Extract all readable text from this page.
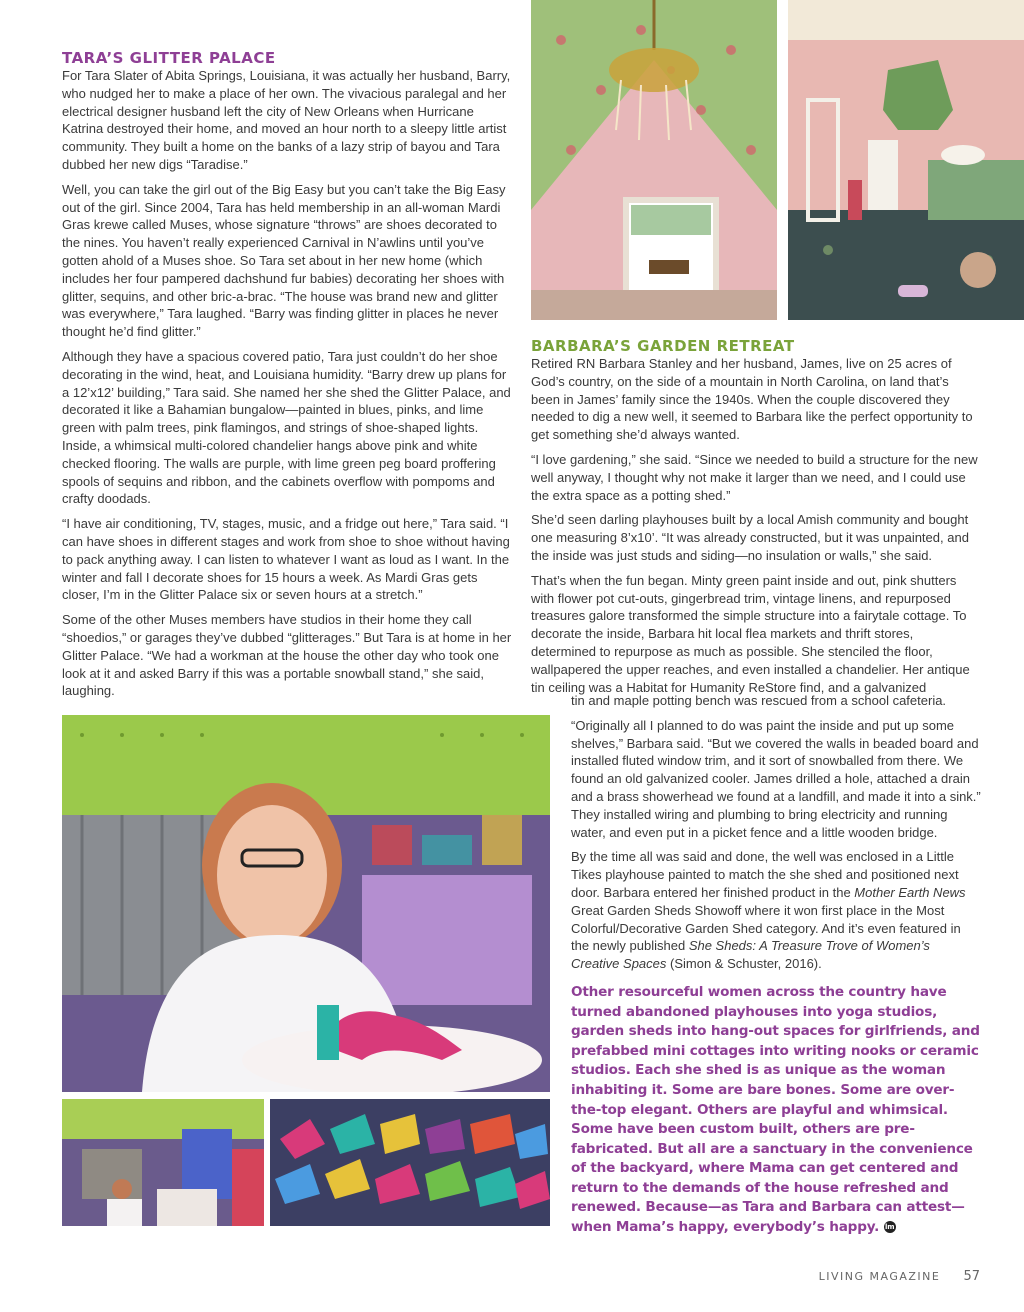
TARA’S GLITTER PALACE

For Tara Slater of Abita Springs, Louisiana, it was actually her husband, Barry, who nudged her to make a place of her own. The vivacious paralegal and her electrical designer husband left the city of New Orleans when Hurricane Katrina destroyed their home, and moved an hour north to a sleepy little artist community. They built a home on the banks of a lazy strip of bayou and Tara dubbed her new digs “Taradise.”

Well, you can take the girl out of the Big Easy but you can’t take the Big Easy out of the girl. Since 2004, Tara has held membership in an all-woman Mardi Gras krewe called Muses, whose signature “throws” are shoes decorated to the nines. You haven’t really experienced Carnival in N’awlins until you’ve gotten ahold of a Muses shoe. So Tara set about in her new home (which includes her four pampered dachshund fur babies) decorating her shoes with glitter, sequins, and other bric-a-brac. “The house was brand new and glitter was everywhere,” Tara laughed. “Barry was finding glitter in places he never thought he’d find glitter.”

Although they have a spacious covered patio, Tara just couldn’t do her shoe decorating in the wind, heat, and Louisiana humidity. “Barry drew up plans for a 12’x12’ building,” Tara said. She named her she shed the Glitter Palace, and decorated it like a Bahamian bungalow—painted in blues, pinks, and lime green with palm trees, pink flamingos, and strings of shoe-shaped lights. Inside, a whimsical multi-colored chandelier hangs above pink and white checked flooring. The walls are purple, with lime green peg board proffering spools of sequins and ribbon, and the cabinets overflow with pompoms and crafty doodads.

“I have air conditioning, TV, stages, music, and a fridge out here,” Tara said. “I can have shoes in different stages and work from shoe to shoe without having to pack anything away. I can listen to whatever I want as loud as I want. In the winter and fall I decorate shoes for 15 hours a week. As Mardi Gras gets closer, I’m in the Glitter Palace six or seven hours at a stretch.”

Some of the other Muses members have studios in their home they call “shoedios,” or garages they’ve dubbed “glitterages.” But Tara is at home in her Glitter Palace. “We had a workman at the house the other day who took one look at it and asked Barry if this was a portable snowball stand,” she said, laughing.

BARBARA’S GARDEN RETREAT

Retired RN Barbara Stanley and her husband, James, live on 25 acres of God’s country, on the side of a mountain in North Carolina, on land that’s been in James’ family since the 1940s. When the couple discovered they needed to dig a new well, it seemed to Barbara like the perfect opportunity to get something she’d always wanted.

“I love gardening,” she said. “Since we needed to build a structure for the new well anyway, I thought why not make it larger than we need, and I could use the extra space as a potting shed.”

She’d seen darling playhouses built by a local Amish community and bought one measuring 8’x10’. “It was already constructed, but it was unpainted, and the inside was just studs and siding—no insulation or walls,” she said.

That’s when the fun began. Minty green paint inside and out, pink shutters with flower pot cut-outs, gingerbread trim, vintage linens, and repurposed treasures galore transformed the simple structure into a fairytale cottage. To decorate the inside, Barbara hit local flea markets and thrift stores, determined to repurpose as much as possible. She stenciled the floor, wallpapered the upper reaches, and even installed a chandelier. Her antique tin ceiling was a Habitat for Humanity ReStore find, and a galvanized

tin and maple potting bench was rescued from a school cafeteria.

“Originally all I planned to do was paint the inside and put up some shelves,” Barbara said. “But we covered the walls in beaded board and installed fluted window trim, and it sort of snowballed from there. We found an old galvanized cooler. James drilled a hole, attached a drain and a brass showerhead we found at a landfill, and made it into a sink.” They installed wiring and plumbing to bring electricity and running water, and even put in a picket fence and a little wooden bridge.

By the time all was said and done, the well was enclosed in a Little Tikes playhouse painted to match the she shed and positioned next door. Barbara entered her finished product in the Mother Earth News Great Garden Sheds Showoff where it won first place in the Most Colorful/Decorative Garden Shed category. And it’s even featured in the newly published She Sheds: A Treasure Trove of Women’s Creative Spaces (Simon & Schuster, 2016).

Other resourceful women across the country have turned abandoned playhouses into yoga studios, garden sheds into hang-out spaces for girlfriends, and prefabbed mini cottages into writing nooks or ceramic studios. Each she shed is as unique as the woman inhabiting it. Some are bare bones. Some are over-the-top elegant. Others are playful and whimsical. Some have been custom built, others are pre-fabricated. But all are a sanctuary in the convenience of the backyard, where Mama can get centered and return to the demands of the house refreshed and renewed. Because—as Tara and Barbara can attest—when Mama’s happy, everybody’s happy. lm

LIVING MAGAZINE 57
